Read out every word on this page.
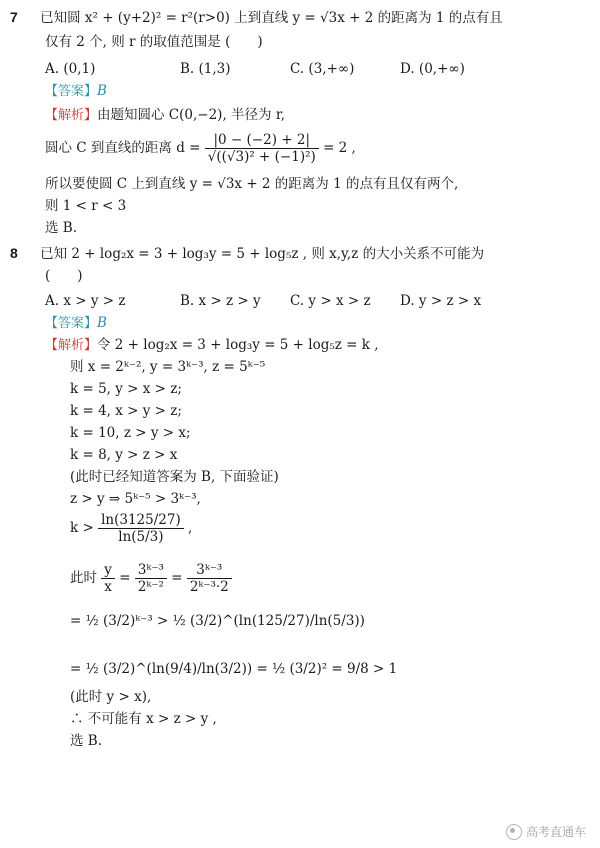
7 已知圆 x² + (y+2)² = r²(r>0) 上到直线 y = √3x + 2 的距离为 1 的点有且
仅有 2 个, 则 r 的取值范围是 (　　)
A. (0,1)	B. (1,3)	C. (3,+∞)	D. (0,+∞)
【答案】B
【解析】由题知圆心 C(0,−2), 半径为 r,
圆心 C 到直线的距离 $d = \frac{|0 - (-2) + 2|}{\text{√((√3)² + (−1)²)}} = 2$ ,
所以要使圆 C 上到直线 y = √3x + 2 的距离为 1 的点有且仅有两个,
则 1 < r < 3
选 B.
8 已知 2 + log₂x = 3 + log₃y = 5 + log₅z , 则 x,y,z 的大小关系不可能为
(　　)
A. x > y > z	B. x > z > y C. y > x > z D. y > z > x
【答案】B
【解析】令 2 + log₂x = 3 + log₃y = 5 + log₅z = k ,
则 x = 2ᵏ⁻², y = 3ᵏ⁻³, z = 5ᵏ⁻⁵
k = 5, y > x > z;
k = 4, x > y > z;
k = 10, z > y > x;
k = 8, y > z > x
(此时已经知道答案为 B, 下面验证)
z > y ⇒ 5ᵏ⁻⁵ > 3ᵏ⁻³,
$k > \frac{\ln(3125/27)}{\ln(5/3)}$ ,
此时 $\frac{y}{x} = \frac{\text{3ᵏ⁻³}}{\text{2ᵏ⁻²}} = \frac{\text{3ᵏ⁻³}}{\text{2ᵏ⁻³·2}}$
= ½ (3/2)ᵏ⁻³ > ½ (3/2)^(ln(125/27)/ln(5/3))
= ½ (3/2)^(ln(9/4)/ln(3/2)) = ½ (3/2)² = 9/8 > 1
(此时 y > x),
∴ 不可能有 x > z > y ,
选 B.
高考直通车
